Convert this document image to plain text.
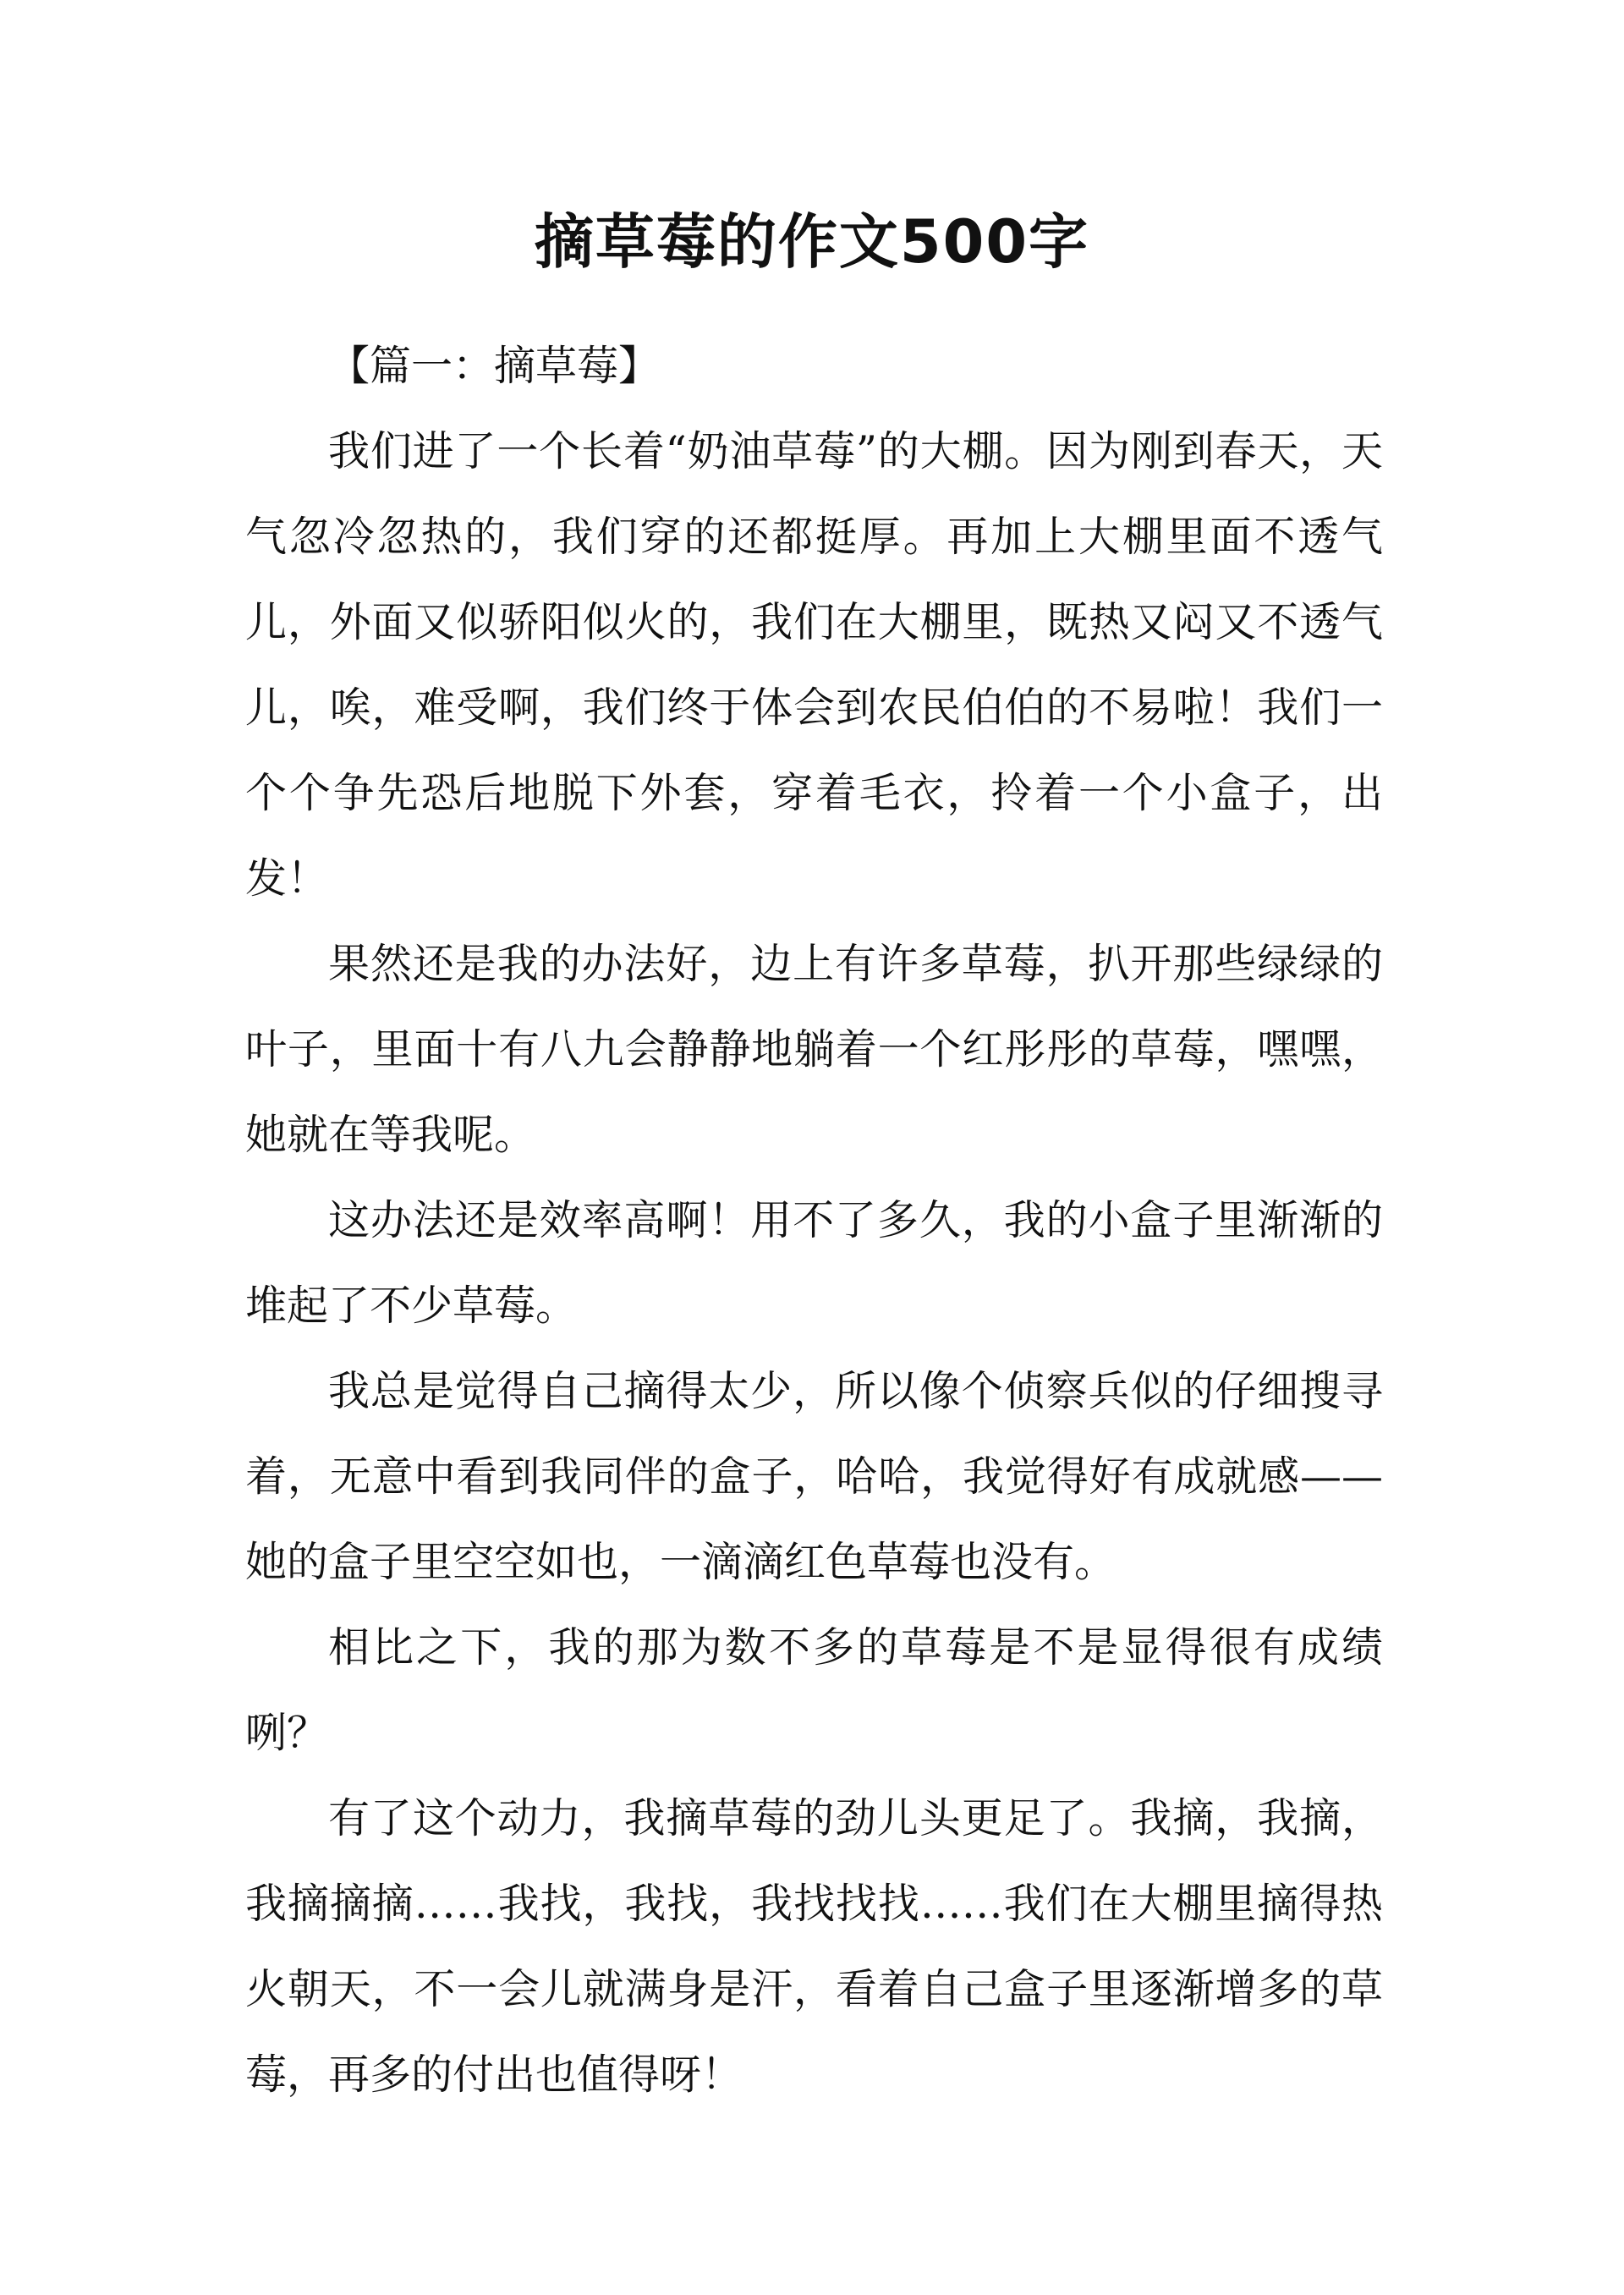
摘草莓的作文500字

【篇一：摘草莓】

我们进了一个长着“奶油草莓”的大棚。因为刚到春天，天气忽冷忽热的，我们穿的还都挺厚。再加上大棚里面不透气儿，外面又似骄阳似火的，我们在大棚里，既热又闷又不透气儿，唉，难受啊，我们终于体会到农民伯伯的不易啦！我们一个个争先恐后地脱下外套，穿着毛衣，拎着一个小盒子，出发！

果然还是我的办法好，边上有许多草莓，扒开那些绿绿的叶子，里面十有八九会静静地躺着一个红彤彤的草莓，嘿嘿，她就在等我呢。

这办法还是效率高啊！用不了多久，我的小盒子里渐渐的堆起了不少草莓。

我总是觉得自己摘得太少，所以像个侦察兵似的仔细搜寻着，无意中看到我同伴的盒子，哈哈，我觉得好有成就感——她的盒子里空空如也，一滴滴红色草莓也没有。

相比之下，我的那为数不多的草莓是不是显得很有成绩咧？

有了这个动力，我摘草莓的劲儿头更足了。我摘，我摘，我摘摘摘……我找，我找，我找找找……我们在大棚里摘得热火朝天，不一会儿就满身是汗，看着自己盒子里逐渐增多的草莓，再多的付出也值得呀！
